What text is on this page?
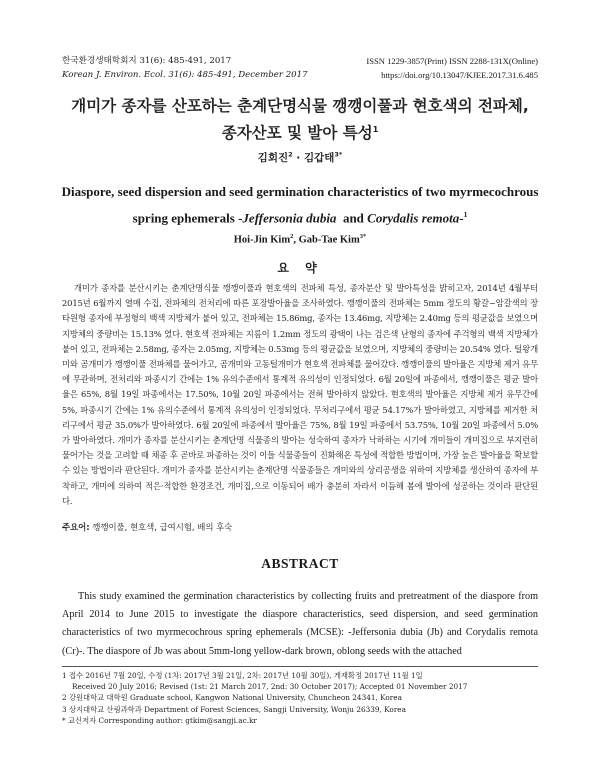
한국환경생태학회지 31(6): 485-491, 2017
Korean J. Environ. Ecol. 31(6): 485-491, December 2017
ISSN 1229-3857(Print) ISSN 2288-131X(Online)
https://doi.org/10.13047/KJEE.2017.31.6.485
개미가 종자를 산포하는 춘계단명식물 깽깽이풀과 현호색의 전파체,
종자산포 및 발아 특성$^1$
김회진$^2$ · 김갑태$^{3*}$
Diaspore, seed dispersion and seed germination characteristics of two myrmecochrous spring ephemerals -Jeffersonia dubia  and Corydalis remota-$^1$
Hoi-Jin Kim$^2$, Gab-Tae Kim$^{3*}$
요 약

개미가 종자를 분산시키는 춘계단명식물 깽깽이풀과 현호색의 전파체 특성, 종자분산 및 발아특성을 밝히고자, 2014년 4월부터 2015년 6월까지 열매 수집, 전파체의 전처리에 따른 포장발아율을 조사하였다. 깽깽이풀의 전파체는 5mm 정도의 황갈~암갈색의 장타원형 종자에 부정형의 백색 지방체가 붙어 있고, 전파체는 15.86mg, 종자는 13.46mg, 지방체는 2.40mg 등의 평균값을 보였으며 지방체의 중량비는 15.13% 였다. 현호색 전파체는 지름이 1.2mm 정도의 광택이 나는 검은색 난형의 종자에 주걱형의 백색 지방체가 붙어 있고, 전파체는 2.58mg, 종자는 2.05mg, 지방체는 0.53mg 등의 평균값을 보였으며, 지방체의 중량비는 20.54% 였다. 털왕개미와 곰개미가 깽깽이풀 전파체를 물어가고, 곰개미와 고동털개미가 현호색 전파체를 물어갔다. 깽깽이풀의 발아율은 지방체 제거 유무에 무관하며, 전처리와 파종시기 간에는 1% 유의수준에서 통계적 유의성이 인정되었다. 6월 20일에 파종에서, 깽깽이풀은 평균 발아율은 65%, 8월 19일 파종에서는 17.50%, 10월 20일 파종에서는 전혀 발아하지 않았다. 현호색의 발아율은 지방체 제거 유무간에 5%, 파종시기 간에는 1% 유의수준에서 통계적 유의성이 인정되었다. 무처리구에서 평균 54.17%가 발아하였고, 지방체를 제거한 처리구에서 평균 35.0%가 발아하였다. 6월 20일에 파종에서 발아율은 75%, 8월 19일 파종에서 53.75%, 10월 20일 파종에서 5.0%가 발아하였다. 개미가 종자를 분산시키는 춘계단명 식물종의 발아는 성숙하여 종자가 낙하하는 시기에 개미들이 개미집으로 부지런히 물어가는 것을 고려할 때 채종 후 곧바로 파종하는 것이 이들 식물종들이 진화해온 특성에 적합한 방법이며, 가장 높은 발아율을 확보할 수 있는 방법이라 판단된다. 개미가 종자를 분산시키는 춘계단명 식물종들은 개미와의 상리공생을 위하여 지방체를 생산하여 종자에 부착하고, 개미에 의하여 적은·적합한 환경조건, 개미집,으로 이동되어 배가 충분히 자라서 이듬해 봄에 발아에 성공하는 것이라 판단된다.

주요어: 깽깽이풀, 현호색, 급여시험, 배의 후숙
ABSTRACT

This study examined the germination characteristics by collecting fruits and pretreatment of the diaspore from April 2014 to June 2015 to investigate the diaspore characteristics, seed dispersion, and seed germination characteristics of two myrmecochrous spring ephemerals (MCSE): -Jeffersonia dubia (Jb) and Corydalis remota (Cr)-. The diaspore of Jb was about 5mm-long yellow-dark brown, oblong seeds with the attached

1 접수 2016년 7월 20일, 수정 (1차: 2017년 3월 21일, 2차: 2017년 10월 30일), 게재확정 2017년 11월 1일
Received 20 July 2016; Revised (1st: 21 March 2017, 2nd: 30 October 2017); Accepted 01 November 2017
2 강원대학교 대학원 Graduate school, Kangwon National University, Chuncheon 24341, Korea
3 상지대학교 산림과학과 Department of Forest Sciences, Sangji University, Wonju 26339, Korea
* 교신저자 Corresponding author: gtkim@sangji.ac.kr
